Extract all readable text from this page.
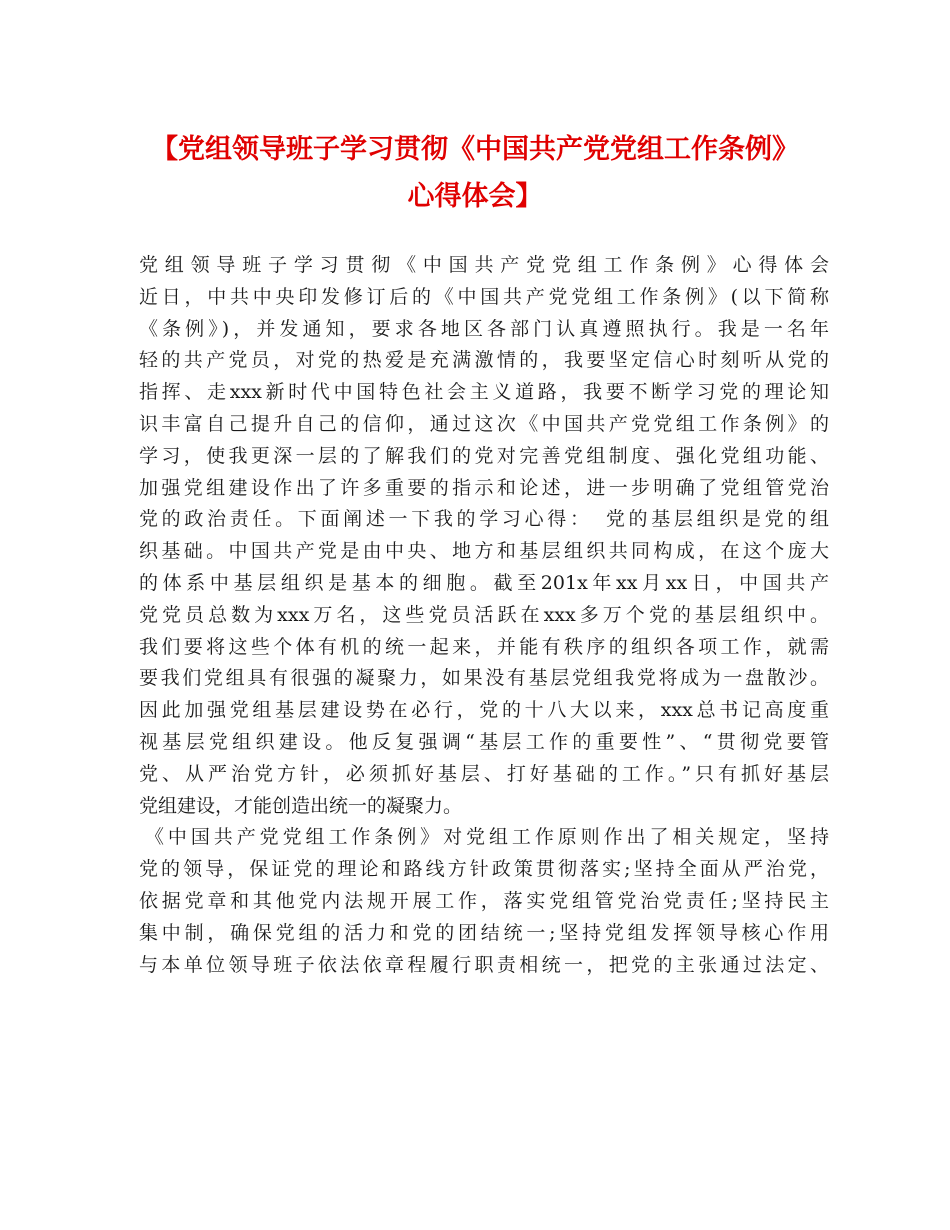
【党组领导班子学习贯彻《中国共产党党组工作条例》
心得体会】
党组领导班子学习贯彻《中国共产党党组工作条例》心得体会
近日，中共中央印发修订后的《中国共产党党组工作条例》(以下简称
《条例》)，并发通知，要求各地区各部门认真遵照执行。我是一名年
轻的共产党员，对党的热爱是充满激情的，我要坚定信心时刻听从党的
指挥、走xxx新时代中国特色社会主义道路，我要不断学习党的理论知
识丰富自己提升自己的信仰，通过这次《中国共产党党组工作条例》的
学习，使我更深一层的了解我们的党对完善党组制度、强化党组功能、
加强党组建设作出了许多重要的指示和论述，进一步明确了党组管党治
党的政治责任。下面阐述一下我的学习心得：　党的基层组织是党的组
织基础。中国共产党是由中央、地方和基层组织共同构成，在这个庞大
的体系中基层组织是基本的细胞。截至201x年xx月xx日，中国共产
党党员总数为xxx万名，这些党员活跃在xxx多万个党的基层组织中。
我们要将这些个体有机的统一起来，并能有秩序的组织各项工作，就需
要我们党组具有很强的凝聚力，如果没有基层党组我党将成为一盘散沙。
因此加强党组基层建设势在必行，党的十八大以来，xxx总书记高度重
视基层党组织建设。他反复强调“基层工作的重要性”、“贯彻党要管
党、从严治党方针，必须抓好基层、打好基础的工作。”只有抓好基层
党组建设，才能创造出统一的凝聚力。
《中国共产党党组工作条例》对党组工作原则作出了相关规定，坚持
党的领导，保证党的理论和路线方针政策贯彻落实;坚持全面从严治党，
依据党章和其他党内法规开展工作，落实党组管党治党责任;坚持民主
集中制，确保党组的活力和党的团结统一;坚持党组发挥领导核心作用
与本单位领导班子依法依章程履行职责相统一，把党的主张通过法定、
